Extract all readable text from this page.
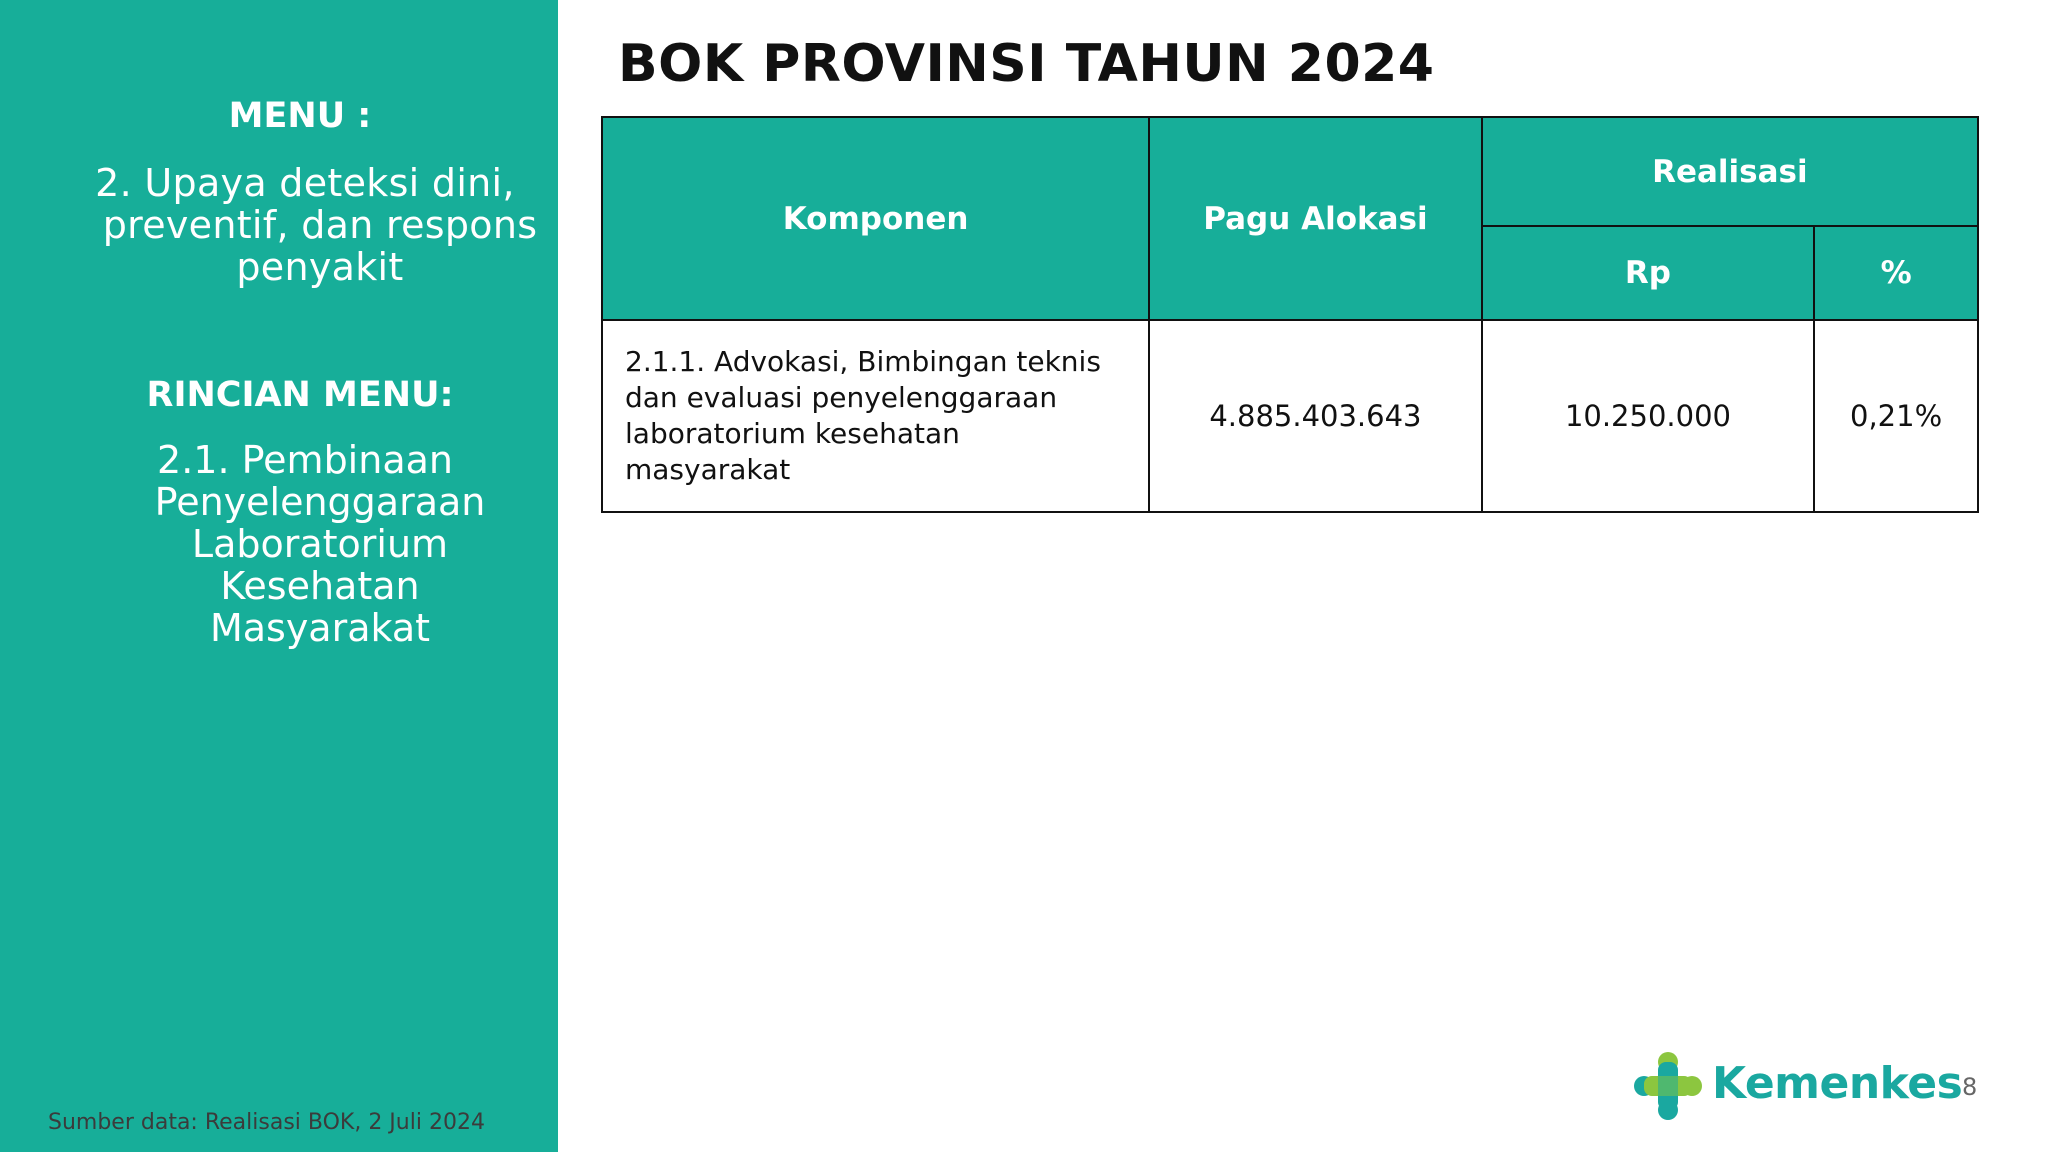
MENU :

2. Upaya deteksi dini,

preventif, dan respons

penyakit

RINCIAN MENU:

2.1. Pembinaan

Penyelenggaraan

Laboratorium

Kesehatan

Masyarakat

Sumber data: Realisasi BOK, 2 Juli 2024
BOK PROVINSI TAHUN 2024
Komponen	Pagu Alokasi	Realisasi	
		Rp	%
2.1.1. Advokasi, Bimbingan teknis
dan evaluasi penyelenggaraan
laboratorium kesehatan
masyarakat	4.885.403.643	10.250.000	0,21%
Kemenkes 8
